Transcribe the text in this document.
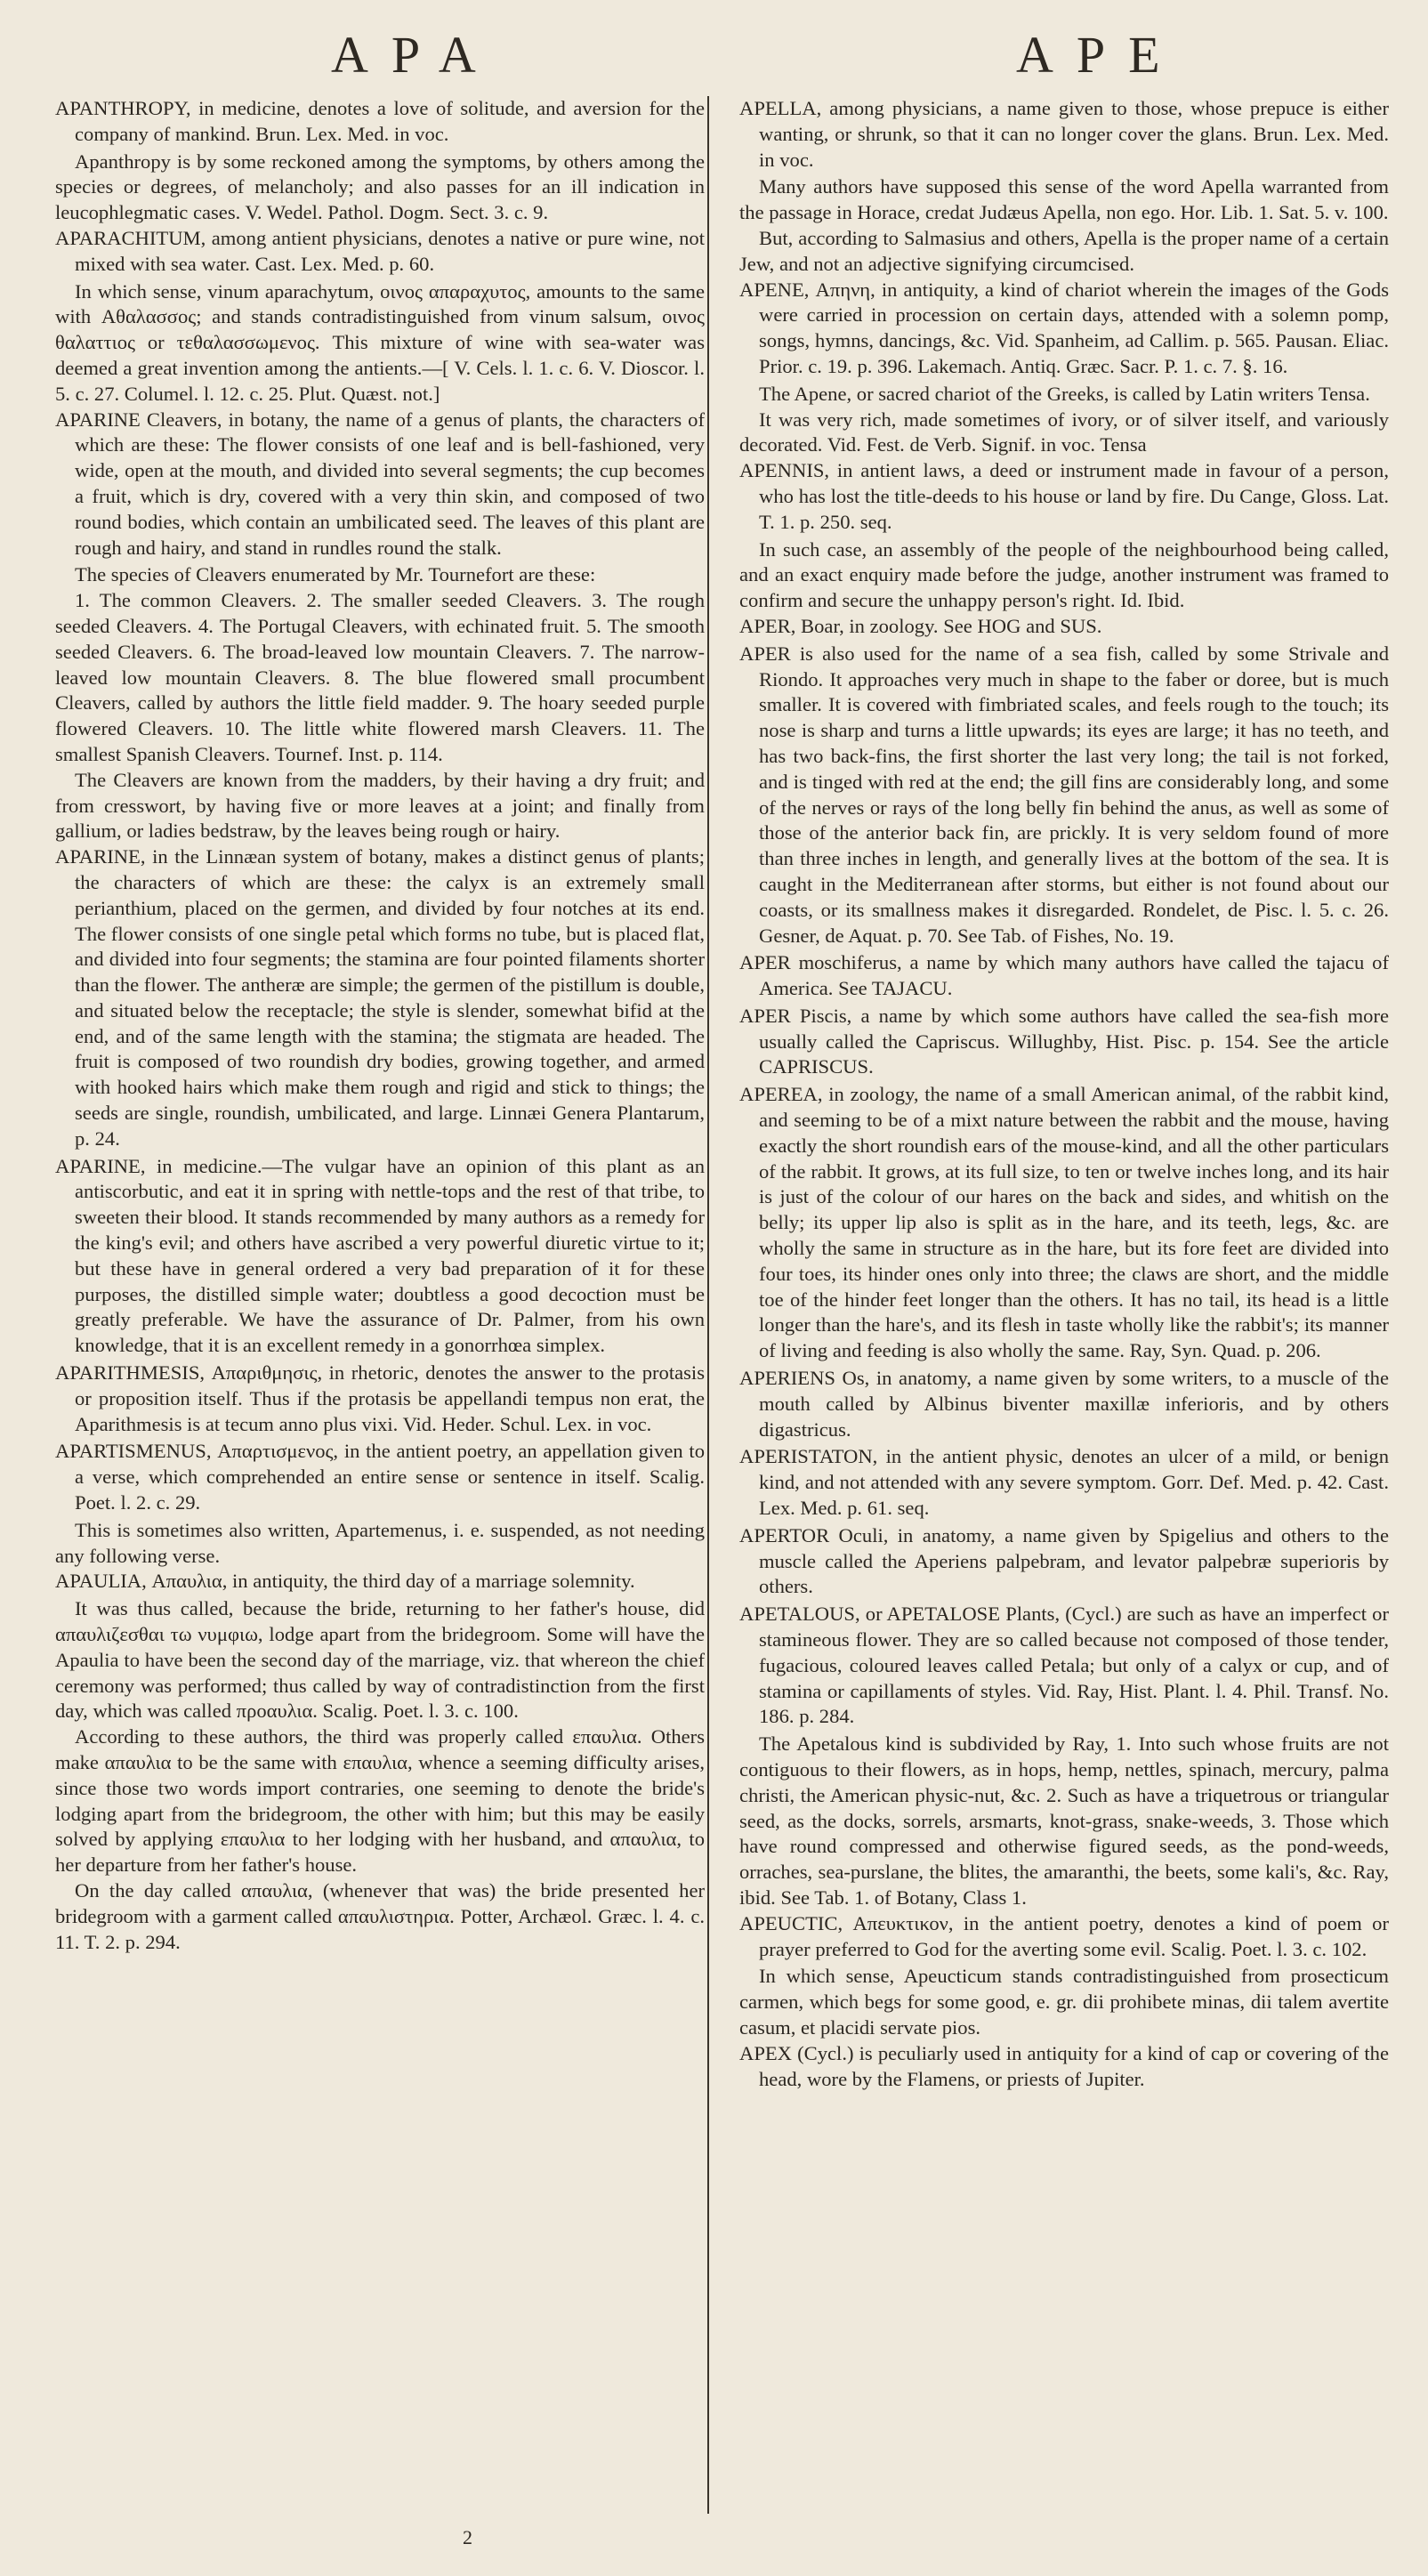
APA	APE

APANTHROPY, in medicine, denotes a love of solitude, and aversion for the company of mankind. Brun. Lex. Med. in voc.

Apanthropy is by some reckoned among the symptoms, by others among the species or degrees, of melancholy; and also passes for an ill indication in leucophlegmatic cases. V. Wedel. Pathol. Dogm. Sect. 3. c. 9.

APARACHITUM, among antient physicians, denotes a native or pure wine, not mixed with sea water. Cast. Lex. Med. p. 60.

In which sense, vinum aparachytum, οινος απαραχυτος, amounts to the same with Αθαλασσος; and stands contradistinguished from vinum salsum, οινος θαλαττιος or τεθαλασσωμενος. This mixture of wine with sea-water was deemed a great invention among the antients.—[ V. Cels. l. 1. c. 6. V. Dioscor. l. 5. c. 27. Columel. l. 12. c. 25. Plut. Quæst. not.]

APARINE Cleavers, in botany, the name of a genus of plants, the characters of which are these: The flower consists of one leaf and is bell-fashioned, very wide, open at the mouth, and divided into several segments; the cup becomes a fruit, which is dry, covered with a very thin skin, and composed of two round bodies, which contain an umbilicated seed. The leaves of this plant are rough and hairy, and stand in rundles round the stalk.

The species of Cleavers enumerated by Mr. Tournefort are these:

1. The common Cleavers. 2. The smaller seeded Cleavers. 3. The rough seeded Cleavers. 4. The Portugal Cleavers, with echinated fruit. 5. The smooth seeded Cleavers. 6. The broad-leaved low mountain Cleavers. 7. The narrow-leaved low mountain Cleavers. 8. The blue flowered small procumbent Cleavers, called by authors the little field madder. 9. The hoary seeded purple flowered Cleavers. 10. The little white flowered marsh Cleavers. 11. The smallest Spanish Cleavers. Tournef. Inst. p. 114.

The Cleavers are known from the madders, by their having a dry fruit; and from cresswort, by having five or more leaves at a joint; and finally from gallium, or ladies bedstraw, by the leaves being rough or hairy.

APARINE, in the Linnæan system of botany, makes a distinct genus of plants; the characters of which are these: the calyx is an extremely small perianthium, placed on the germen, and divided by four notches at its end. The flower consists of one single petal which forms no tube, but is placed flat, and divided into four segments; the stamina are four pointed filaments shorter than the flower. The antheræ are simple; the germen of the pistillum is double, and situated below the receptacle; the style is slender, somewhat bifid at the end, and of the same length with the stamina; the stigmata are headed. The fruit is composed of two roundish dry bodies, growing together, and armed with hooked hairs which make them rough and rigid and stick to things; the seeds are single, roundish, umbilicated, and large. Linnæi Genera Plantarum, p. 24.

APARINE, in medicine.—The vulgar have an opinion of this plant as an antiscorbutic, and eat it in spring with nettle-tops and the rest of that tribe, to sweeten their blood. It stands recommended by many authors as a remedy for the king's evil; and others have ascribed a very powerful diuretic virtue to it; but these have in general ordered a very bad preparation of it for these purposes, the distilled simple water; doubtless a good decoction must be greatly preferable. We have the assurance of Dr. Palmer, from his own knowledge, that it is an excellent remedy in a gonorrhœa simplex.

APARITHMESIS, Απαριθμησις, in rhetoric, denotes the answer to the protasis or proposition itself. Thus if the protasis be appellandi tempus non erat, the Aparithmesis is at tecum anno plus vixi. Vid. Heder. Schul. Lex. in voc.

APARTISMENUS, Απαρτισμενος, in the antient poetry, an appellation given to a verse, which comprehended an entire sense or sentence in itself. Scalig. Poet. l. 2. c. 29.

This is sometimes also written, Apartemenus, i. e. suspended, as not needing any following verse.

APAULIA, Απαυλια, in antiquity, the third day of a marriage solemnity.

It was thus called, because the bride, returning to her father's house, did απαυλιζεσθαι τω νυμφιω, lodge apart from the bridegroom. Some will have the Apaulia to have been the second day of the marriage, viz. that whereon the chief ceremony was performed; thus called by way of contradistinction from the first day, which was called προαυλια. Scalig. Poet. l. 3. c. 100.

According to these authors, the third was properly called επαυλια. Others make απαυλια to be the same with επαυλια, whence a seeming difficulty arises, since those two words import contraries, one seeming to denote the bride's lodging apart from the bridegroom, the other with him; but this may be easily solved by applying επαυλια to her lodging with her husband, and απαυλια, to her departure from her father's house.

On the day called απαυλια, (whenever that was) the bride presented her bridegroom with a garment called απαυλιστηρια. Potter, Archæol. Græc. l. 4. c. 11. T. 2. p. 294.

APELLA, among physicians, a name given to those, whose prepuce is either wanting, or shrunk, so that it can no longer cover the glans. Brun. Lex. Med. in voc.

Many authors have supposed this sense of the word Apella warranted from the passage in Horace, credat Judæus Apella, non ego. Hor. Lib. 1. Sat. 5. v. 100.

But, according to Salmasius and others, Apella is the proper name of a certain Jew, and not an adjective signifying circumcised.

APENE, Απηνη, in antiquity, a kind of chariot wherein the images of the Gods were carried in procession on certain days, attended with a solemn pomp, songs, hymns, dancings, &c. Vid. Spanheim, ad Callim. p. 565. Pausan. Eliac. Prior. c. 19. p. 396. Lakemach. Antiq. Græc. Sacr. P. 1. c. 7. §. 16.

The Apene, or sacred chariot of the Greeks, is called by Latin writers Tensa.

It was very rich, made sometimes of ivory, or of silver itself, and variously decorated. Vid. Fest. de Verb. Signif. in voc. Tensa

APENNIS, in antient laws, a deed or instrument made in favour of a person, who has lost the title-deeds to his house or land by fire. Du Cange, Gloss. Lat. T. 1. p. 250. seq.

In such case, an assembly of the people of the neighbourhood being called, and an exact enquiry made before the judge, another instrument was framed to confirm and secure the unhappy person's right. Id. Ibid.

APER, Boar, in zoology. See HOG and SUS.

APER is also used for the name of a sea fish, called by some Strivale and Riondo. It approaches very much in shape to the faber or doree, but is much smaller. It is covered with fimbriated scales, and feels rough to the touch; its nose is sharp and turns a little upwards; its eyes are large; it has no teeth, and has two back-fins, the first shorter the last very long; the tail is not forked, and is tinged with red at the end; the gill fins are considerably long, and some of the nerves or rays of the long belly fin behind the anus, as well as some of those of the anterior back fin, are prickly. It is very seldom found of more than three inches in length, and generally lives at the bottom of the sea. It is caught in the Mediterranean after storms, but either is not found about our coasts, or its smallness makes it disregarded. Rondelet, de Pisc. l. 5. c. 26. Gesner, de Aquat. p. 70. See Tab. of Fishes, No. 19.

APER moschiferus, a name by which many authors have called the tajacu of America. See TAJACU.

APER Piscis, a name by which some authors have called the sea-fish more usually called the Capriscus. Willughby, Hist. Pisc. p. 154. See the article CAPRISCUS.

APEREA, in zoology, the name of a small American animal, of the rabbit kind, and seeming to be of a mixt nature between the rabbit and the mouse, having exactly the short roundish ears of the mouse-kind, and all the other particulars of the rabbit. It grows, at its full size, to ten or twelve inches long, and its hair is just of the colour of our hares on the back and sides, and whitish on the belly; its upper lip also is split as in the hare, and its teeth, legs, &c. are wholly the same in structure as in the hare, but its fore feet are divided into four toes, its hinder ones only into three; the claws are short, and the middle toe of the hinder feet longer than the others. It has no tail, its head is a little longer than the hare's, and its flesh in taste wholly like the rabbit's; its manner of living and feeding is also wholly the same. Ray, Syn. Quad. p. 206.

APERIENS Os, in anatomy, a name given by some writers, to a muscle of the mouth called by Albinus biventer maxillæ inferioris, and by others digastricus.

APERISTATON, in the antient physic, denotes an ulcer of a mild, or benign kind, and not attended with any severe symptom. Gorr. Def. Med. p. 42. Cast. Lex. Med. p. 61. seq.

APERTOR Oculi, in anatomy, a name given by Spigelius and others to the muscle called the Aperiens palpebram, and levator palpebræ superioris by others.

APETALOUS, or APETALOSE Plants, (Cycl.) are such as have an imperfect or stamineous flower. They are so called because not composed of those tender, fugacious, coloured leaves called Petala; but only of a calyx or cup, and of stamina or capillaments of styles. Vid. Ray, Hist. Plant. l. 4. Phil. Transf. No. 186. p. 284.

The Apetalous kind is subdivided by Ray, 1. Into such whose fruits are not contiguous to their flowers, as in hops, hemp, nettles, spinach, mercury, palma christi, the American physic-nut, &c. 2. Such as have a triquetrous or triangular seed, as the docks, sorrels, arsmarts, knot-grass, snake-weeds, 3. Those which have round compressed and otherwise figured seeds, as the pond-weeds, orraches, sea-purslane, the blites, the amaranthi, the beets, some kali's, &c. Ray, ibid. See Tab. 1. of Botany, Class 1.

APEUCTIC, Απευκτικον, in the antient poetry, denotes a kind of poem or prayer preferred to God for the averting some evil. Scalig. Poet. l. 3. c. 102.

In which sense, Apeucticum stands contradistinguished from prosecticum carmen, which begs for some good, e. gr. dii prohibete minas, dii talem avertite casum, et placidi servate pios.

APEX (Cycl.) is peculiarly used in antiquity for a kind of cap or covering of the head, wore by the Flamens, or priests of Jupiter.

2
